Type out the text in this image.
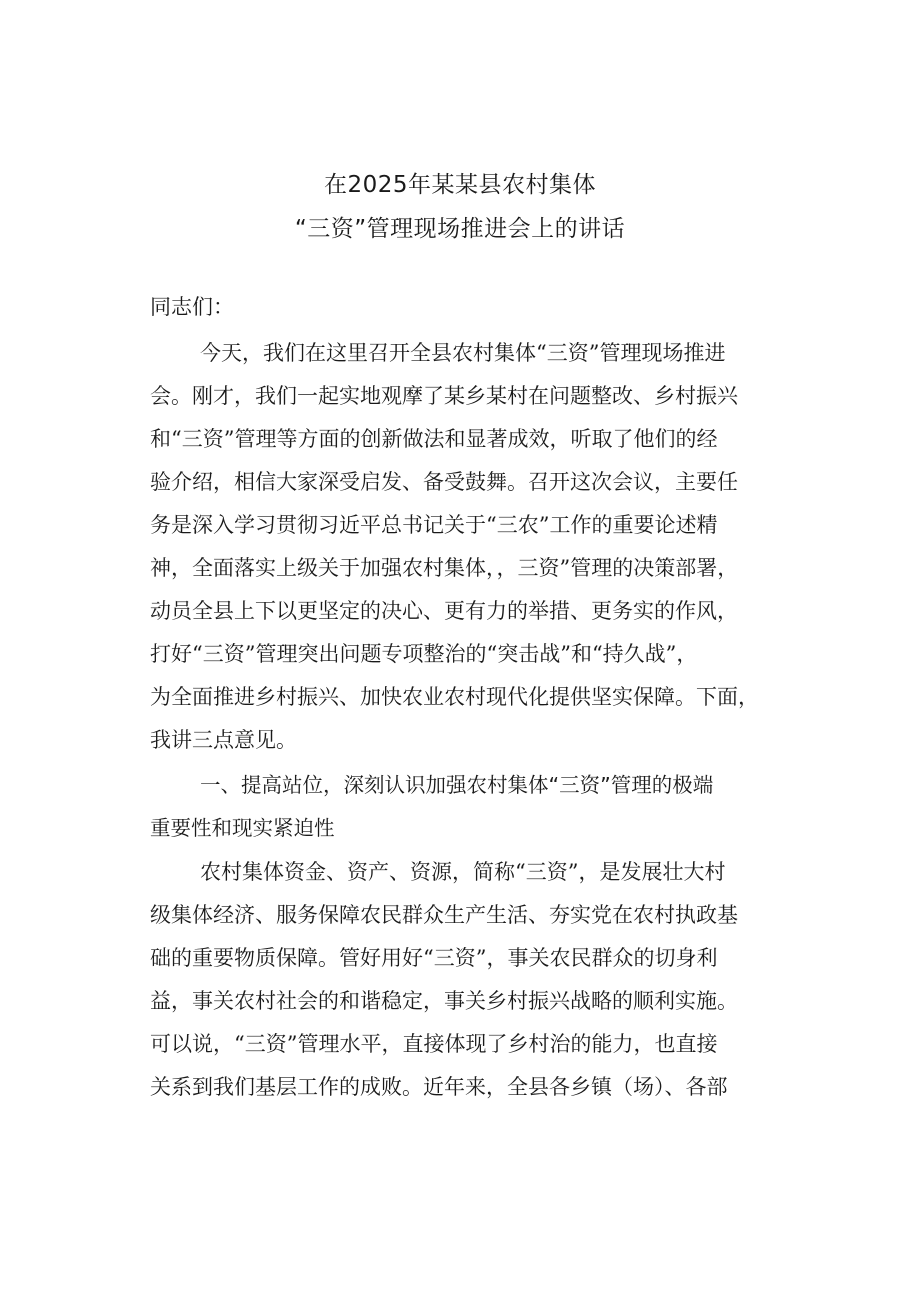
在2025年某某县农村集体
“三资”管理现场推进会上的讲话
同志们：
今天，我们在这里召开全县农村集体“三资”管理现场推进
会。刚才，我们一起实地观摩了某乡某村在问题整改、乡村振兴
和“三资”管理等方面的创新做法和显著成效，听取了他们的经
验介绍，相信大家深受启发、备受鼓舞。召开这次会议，主要任
务是深入学习贯彻习近平总书记关于“三农”工作的重要论述精
神，全面落实上级关于加强农村集体，，三资”管理的决策部署，
动员全县上下以更坚定的决心、更有力的举措、更务实的作风，
打好“三资”管理突出问题专项整治的“突击战”和“持久战”，
为全面推进乡村振兴、加快农业农村现代化提供坚实保障。下面，
我讲三点意见。
一、提高站位，深刻认识加强农村集体“三资”管理的极端
重要性和现实紧迫性
农村集体资金、资产、资源，简称“三资”，是发展壮大村
级集体经济、服务保障农民群众生产生活、夯实党在农村执政基
础的重要物质保障。管好用好“三资”，事关农民群众的切身利
益，事关农村社会的和谐稳定，事关乡村振兴战略的顺利实施。
可以说，“三资”管理水平，直接体现了乡村治的能力，也直接
关系到我们基层工作的成败。近年来，全县各乡镇（场）、各部
